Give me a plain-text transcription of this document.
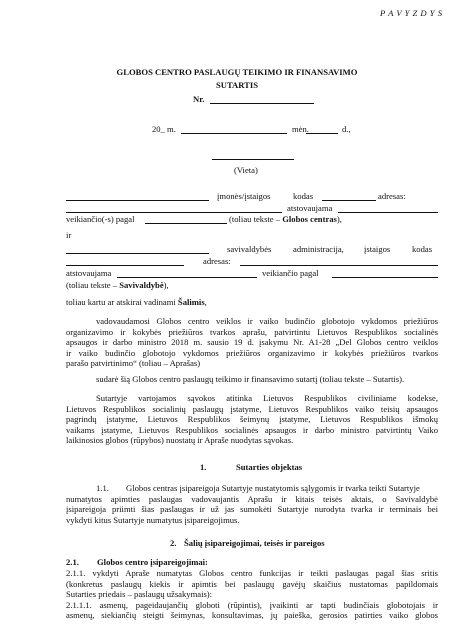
P A V Y Z D Y S
GLOBOS CENTRO PASLAUGŲ TEIKIMO IR FINANSAVIMO
SUTARTIS
Nr.
20_ m.	mėn.	d.,
(Vieta)
įmonės/įstaigos	kodas	adresas:
atstovaujama
veikiančio(-s) pagal	(toliau tekste – Globos centras),
ir
savivaldybės	administracija, įstaigos	kodas
adresas:
atstovaujama	veikiančio pagal
(toliau tekste – Savivaldybė),
toliau kartu ar atskirai vadinami Šalimis,
vadovaudamosi Globos centro veiklos ir vaiko budinčio globotojo vykdomos priežiūros
organizavimo ir kokybės priežiūros tvarkos aprašu, patvirtintu Lietuvos Respublikos socialinės
apsaugos ir darbo ministro 2018 m. sausio 19 d. įsakymu Nr. A1-28 „Del Globos centro veiklos
ir vaiko budinčio globotojo vykdomos priežiūros organizavimo ir kokybės priežiūros tvarkos
parašo patvirtinimo“ (toliau – Aprašas)
sudarė šią Globos centro paslaugų teikimo ir finansavimo sutartį (toliau tekste – Sutartis).
Sutartyje vartojamos sąvokos atitinka Lietuvos Respublikos civiliniame kodekse,
Lietuvos Respublikos socialinių paslaugų įstatyme, Lietuvos Respublikos vaiko teisių apsaugos
pagrindų įstatyme, Lietuvos Respublikos šeimynų įstatyme, Lietuvos Respublikos išmokų
vaikams įstatyme, Lietuvos Respublikos socialinės apsaugos ir darbo ministro patvirtintų Vaiko
laikinosios globos (rūpybos) nuostatų ir Apraše nuodytas sąvokas.
1.	Sutarties objektas
1.1. Globos centras įsipareigoja Sutartyje nustatytomis sąlygomis ir tvarka teikti Sutartyje
numatytos apimties paslaugas vadovaujantis Aprašu ir kitais teisės aktais, o Savivaldybė
įsipareigoja priimti šias paslaugas ir už jas sumokėti Sutartyje nurodyta tvarka ir terminais bei
vykdyti kitus Sutartyje numatytus įsipareigojimus.
2. Šalių įsipareigojimai, teisės ir pareigos
2.1. Globos centro įsipareigojimai:
2.1.1. vykdyti Apraše numatytas Globos centro funkcijas ir teikti paslaugas pagal šias sritis
(konkretus paslaugų kiekis ir apimtis bei paslaugų gavėjų skaičius nustatomas papildomais
Sutarties priedais – paslaugų užsakymais):
2.1.1.1. asmenų, pageidaujančių globoti (rūpintis), įvaikinti ar tapti budinčiais globotojais ir
asmenų, siekiančių steigti šeimynas, konsultavimas, jų paieška, gerosios patirties vaiko globos
